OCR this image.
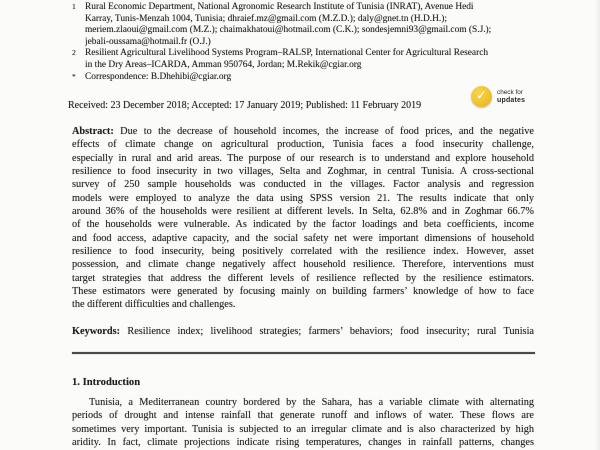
1 Rural Economic Department, National Agronomic Research Institute of Tunisia (INRAT), Avenue Hedi
Karray, Tunis-Menzah 1004, Tunisia; dhraief.mz@gmail.com (M.Z.D.); daly@gnet.tn (H.D.H.);
meriem.zlaoui@gmail.com (M.Z.); chaimakhatoui@hotmail.com (C.K.); sondesjemni93@gmail.com (S.J.);
jebali-oussama@hotmail.fr (O.J.)
2 Resilient Agricultural Livelihood Systems Program–RALSP, International Center for Agricultural Research
in the Dry Areas–ICARDA, Amman 950764, Jordan; M.Rekik@cgiar.org
* Correspondence: B.Dhehibi@cgiar.org
Received: 23 December 2018; Accepted: 17 January 2019; Published: 11 February 2019
✓ check for
updates
Abstract: Due to the decrease of household incomes, the increase of food prices, and the negative
effects of climate change on agricultural production, Tunisia faces a food insecurity challenge,
especially in rural and arid areas. The purpose of our research is to understand and explore household
resilience to food insecurity in two villages, Selta and Zoghmar, in central Tunisia. A cross-sectional
survey of 250 sample households was conducted in the villages. Factor analysis and regression
models were employed to analyze the data using SPSS version 21. The results indicate that only
around 36% of the households were resilient at different levels. In Selta, 62.8% and in Zoghmar 66.7%
of the households were vulnerable. As indicated by the factor loadings and beta coefficients, income
and food access, adaptive capacity, and the social safety net were important dimensions of household
resilience to food insecurity, being positively correlated with the resilience index. However, asset
possession, and climate change negatively affect household resilience. Therefore, interventions must
target strategies that address the different levels of resilience reflected by the resilience estimators.
These estimators were generated by focusing mainly on building farmers’ knowledge of how to face
the different difficulties and challenges.
Keywords: Resilience index; livelihood strategies; farmers’ behaviors; food insecurity; rural Tunisia
1. Introduction
Tunisia, a Mediterranean country bordered by the Sahara, has a variable climate with alternating
periods of drought and intense rainfall that generate runoff and inflows of water. These flows are
sometimes very important. Tunisia is subjected to an irregular climate and is also characterized by high
aridity. In fact, climate projections indicate rising temperatures, changes in rainfall patterns, changes
